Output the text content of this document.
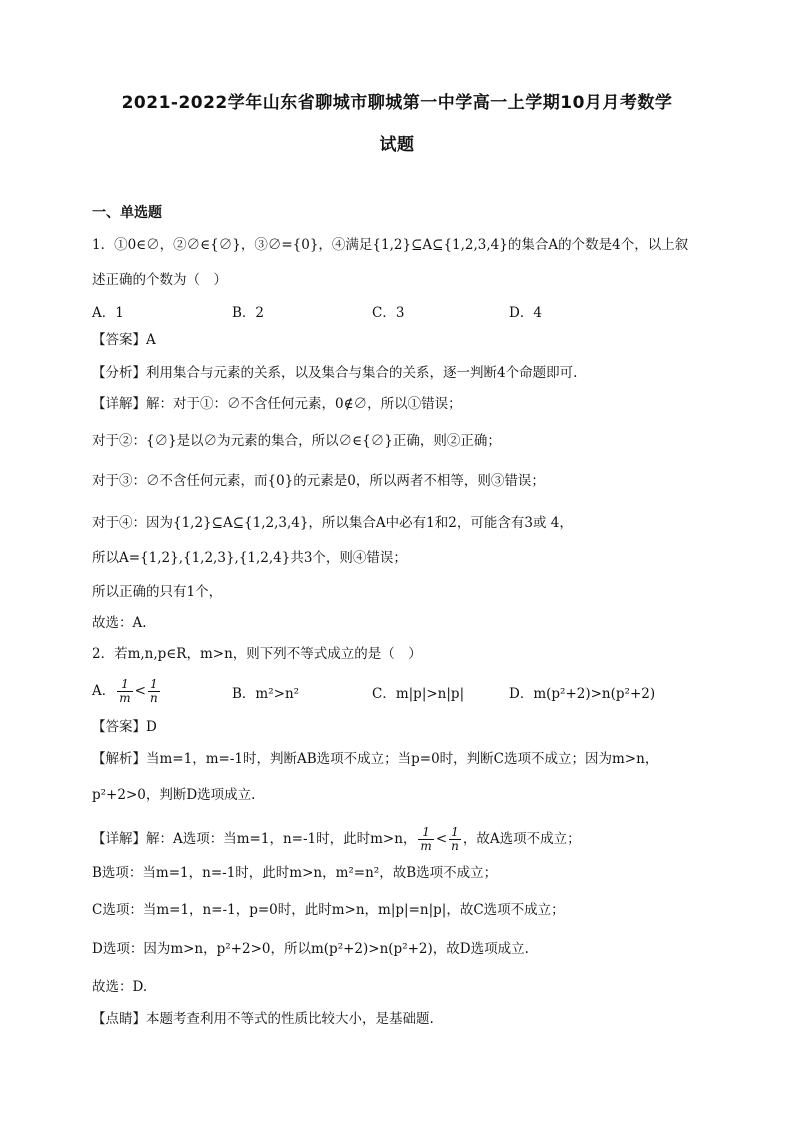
2021-2022学年山东省聊城市聊城第一中学高一上学期10月月考数学
试题
一、单选题
1．①0∈∅，②∅∈{∅}，③∅={0}，④满足{1,2}⊆A⊆{1,2,3,4}的集合A的个数是4个，以上叙
述正确的个数为（　）
A．1	B．2	C．3	D．4
【答案】A
【分析】利用集合与元素的关系，以及集合与集合的关系，逐一判断4个命题即可.
【详解】解：对于①：∅不含任何元素，0∉∅，所以①错误；
对于②：{∅}是以∅为元素的集合，所以∅∈{∅}正确，则②正确；
对于③：∅不含任何元素，而{0}的元素是0，所以两者不相等，则③错误；
对于④：因为{1,2}⊆A⊆{1,2,3,4}，所以集合A中必有1和2，可能含有3或 4，
所以A={1,2},{1,2,3},{1,2,4}共3个，则④错误；
所以正确的只有1个，
故选：A.
2．若m,n,p∈R，m>n，则下列不等式成立的是（　）
A． $\frac{1}{m} < \frac{1}{n}$	B．m²>n²	C．m|p|>n|p|	D．m(p²+2)>n(p²+2)
【答案】D
【解析】当m=1，m=-1时，判断AB选项不成立；当p=0时，判断C选项不成立；因为m>n，
p²+2>0，判断D选项成立.
【详解】解：A选项：当m=1，n=-1时，此时m>n， $\frac{1}{m} < \frac{1}{n}$ ，故A选项不成立；
B选项：当m=1，n=-1时，此时m>n，m²=n²，故B选项不成立；
C选项：当m=1，n=-1，p=0时，此时m>n，m|p|=n|p|，故C选项不成立；
D选项：因为m>n，p²+2>0，所以m(p²+2)>n(p²+2)，故D选项成立.
故选：D.
【点睛】本题考查利用不等式的性质比较大小，是基础题.
